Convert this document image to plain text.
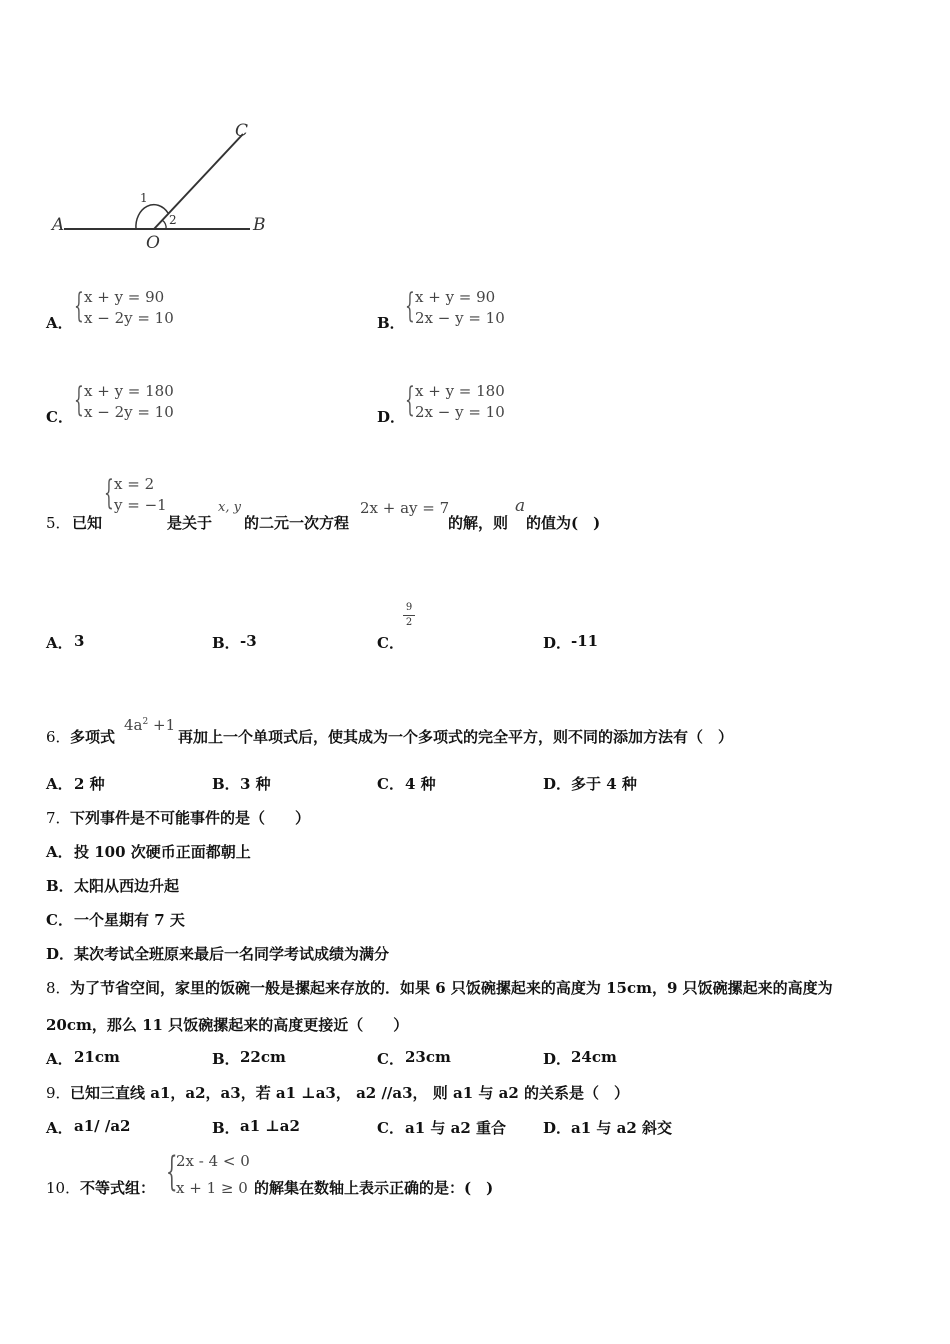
A	B
C
O
1
2
A． { x + y = 90
x − 2y = 10	B． { x + y = 90
2x − y = 10
C． { x + y = 180
x − 2y = 10	D． { x + y = 180
2x − y = 10
5． 已知
{ x = 2
y = −1
是关于
x, y
的二元一次方程
2x + ay = 7
的解，则
a
的值为(　)
A． 3	B． -3	C．
9
2
D． -11
6． 多项式
$4a^2 +1$
再加上一个单项式后，使其成为一个多项式的完全平方，则不同的添加方法有（　）
A． 2 种	B． 3 种	C． 4 种	D． 多于 4 种
7． 下列事件是不可能事件的是（　　）
A． 投 100 次硬币正面都朝上
B． 太阳从西边升起
C． 一个星期有 7 天
D． 某次考试全班原来最后一名同学考试成绩为满分
8． 为了节省空间，家里的饭碗一般是摞起来存放的．如果 6 只饭碗摞起来的高度为 15cm，9 只饭碗摞起来的高度为
20cm，那么 11 只饭碗摞起来的高度更接近（　　）
A． 21cm	B． 22cm	C． 23cm	D． 24cm
9． 已知三直线 a1，a2，a3，若 a1 ⊥a3， a2 //a3， 则 a1 与 a2 的关系是（　）
A． a1/ /a2	B． a1 ⊥a2	C． a1 与 a2 重合 D． a1 与 a2 斜交
10． 不等式组： {
2x - 4 < 0
x + 1 ≥ 0 的解集在数轴上表示正确的是：(　)
